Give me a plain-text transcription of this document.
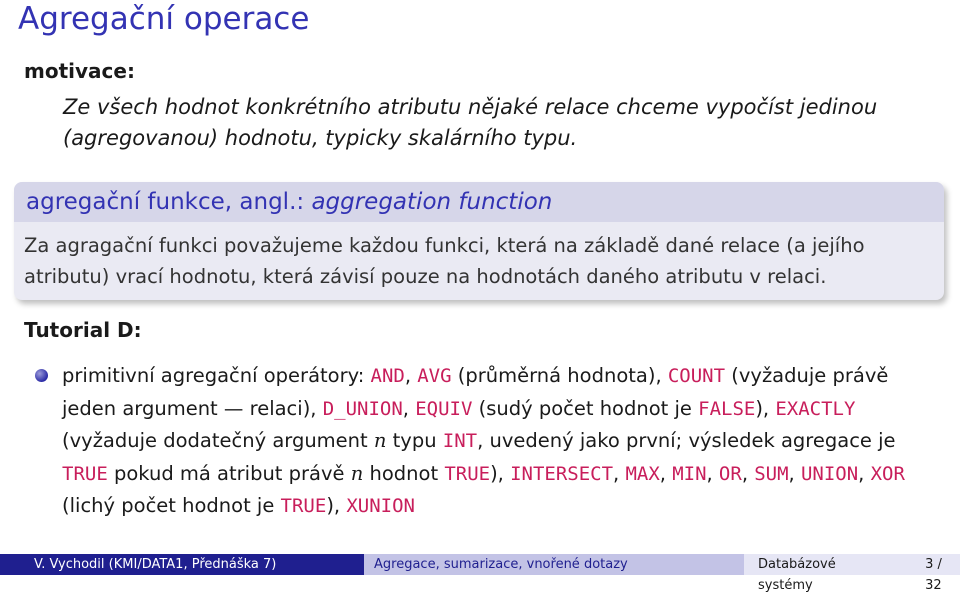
Agregační operace
motivace:
Ze všech hodnot konkrétního atributu nějaké relace chceme vypočíst jedinou (agregovanou) hodnotu, typicky skalárního typu.
agregační funkce, angl.: aggregation function
Za agragační funkci považujeme každou funkci, která na základě dané relace (a jejího atributu) vrací hodnotu, která závisí pouze na hodnotách daného atributu v relaci.
Tutorial D:
primitivní agregační operátory: AND, AVG (průměrná hodnota), COUNT (vyžaduje právě jeden argument — relaci), D_UNION, EQUIV (sudý počet hodnot je FALSE), EXACTLY (vyžaduje dodatečný argument n typu INT, uvedený jako první; výsledek agregace je TRUE pokud má atribut právě n hodnot TRUE), INTERSECT, MAX, MIN, OR, SUM, UNION, XOR (lichý počet hodnot je TRUE), XUNION
V. Vychodil (KMI/DATA1, Přednáška 7)	Agregace, sumarizace, vnořené dotazy	Databázové systémy
3 / 32
